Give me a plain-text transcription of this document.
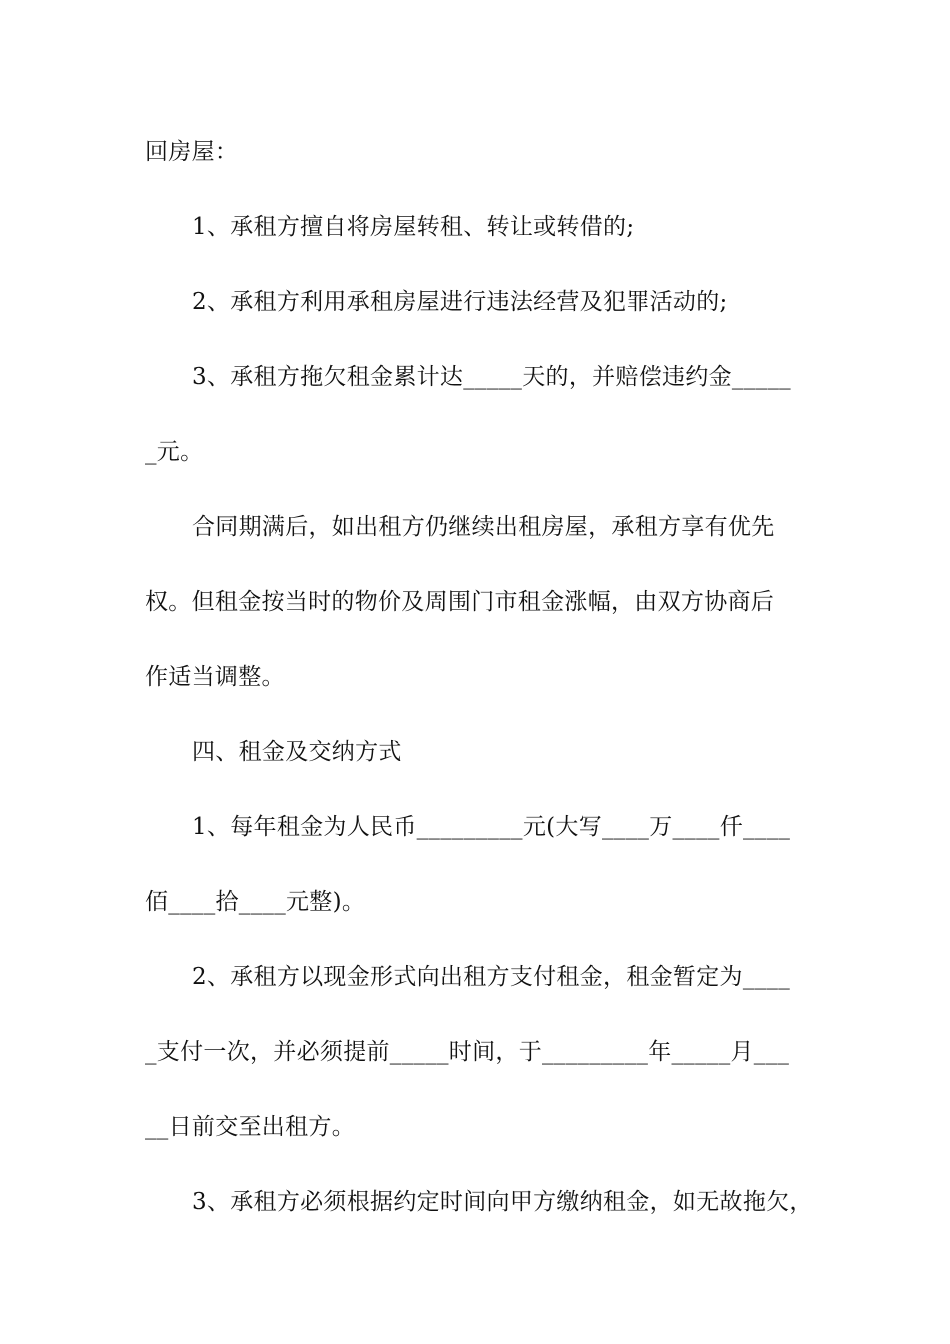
回房屋：
1、承租方擅自将房屋转租、转让或转借的;
2、承租方利用承租房屋进行违法经营及犯罪活动的;
3、承租方拖欠租金累计达_____天的，并赔偿违约金_____
_元。
合同期满后，如出租方仍继续出租房屋，承租方享有优先
权。但租金按当时的物价及周围门市租金涨幅，由双方协商后
作适当调整。
四、租金及交纳方式
1、每年租金为人民币_________元(大写____万____仟____
佰____拾____元整)。
2、承租方以现金形式向出租方支付租金，租金暂定为____
_支付一次，并必须提前_____时间，于_________年_____月___
__日前交至出租方。
3、承租方必须根据约定时间向甲方缴纳租金，如无故拖欠，
